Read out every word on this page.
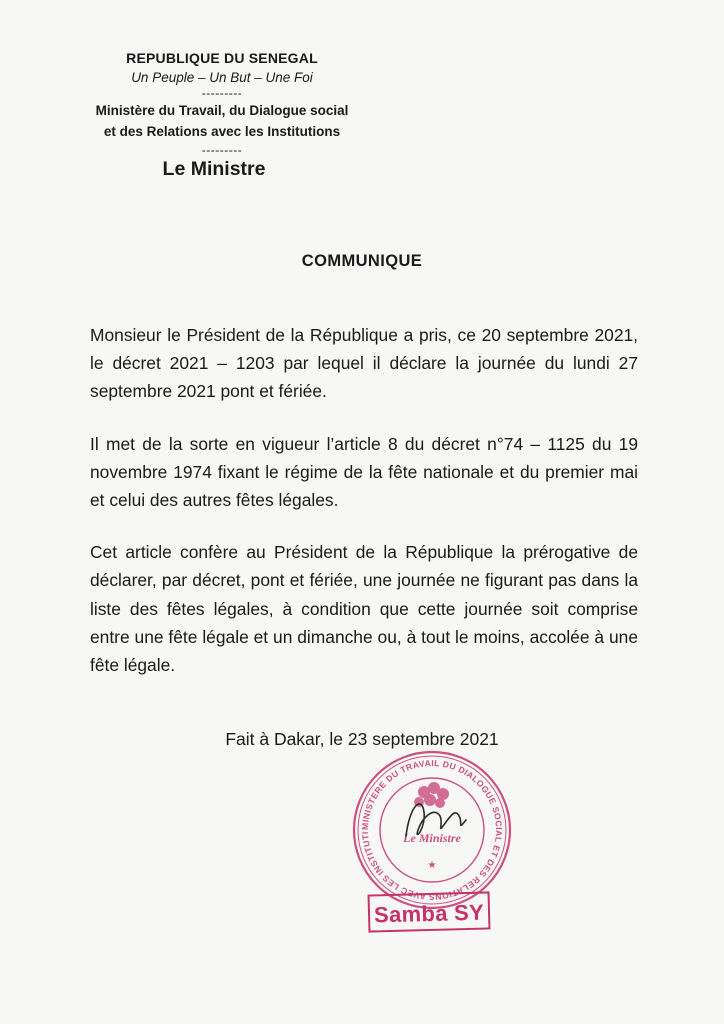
REPUBLIQUE DU SENEGAL
Un Peuple – Un But – Une Foi
---------
Ministère du Travail, du Dialogue social
et des Relations avec les Institutions
---------
Le Ministre
COMMUNIQUE

Monsieur le Président de la République a pris, ce 20 septembre 2021, le décret 2021 – 1203 par lequel il déclare la journée du lundi 27 septembre 2021 pont et fériée.

Il met de la sorte en vigueur l’article 8 du décret n°74 – 1125 du 19 novembre 1974 fixant le régime de la fête nationale et du premier mai et celui des autres fêtes légales.

Cet article confère au Président de la République la prérogative de déclarer, par décret, pont et fériée, une journée ne figurant pas dans la liste des fêtes légales, à condition que cette journée soit comprise entre une fête légale et un dimanche ou, à tout le moins, accolée à une fête légale.

Fait à Dakar, le 23 septembre 2021
MINISTERE DU TRAVAIL DU DIALOGUE SOCIAL ET DES RELATIONS AVEC LES INSTITUTI	Le Ministre
★
Samba SY
